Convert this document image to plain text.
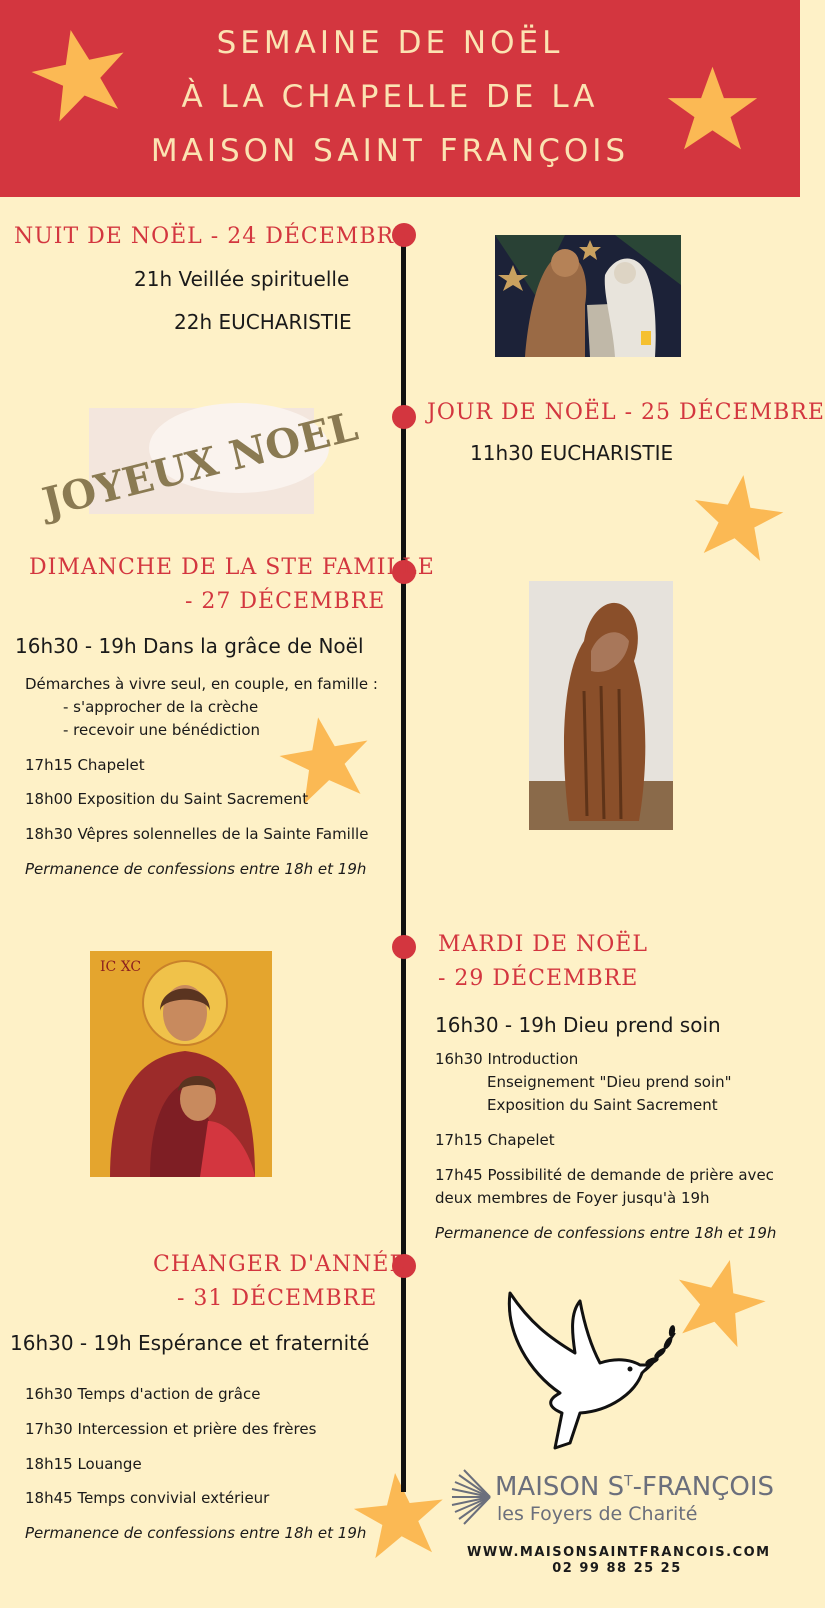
SEMAINE DE NOËL
À LA CHAPELLE DE LA
MAISON SAINT FRANÇOIS
NUIT DE NOËL - 24 DÉCEMBRE
21h Veillée spirituelle
22h EUCHARISTIE
JOUR DE NOËL - 25 DÉCEMBRE
11h30 EUCHARISTIE
JOYEUX NOEL
DIMANCHE DE LA STE FAMILLE
- 27 DÉCEMBRE
16h30 - 19h Dans la grâce de Noël
Démarches à vivre seul, en couple, en famille :
- s'approcher de la crèche
- recevoir une bénédiction
17h15 Chapelet
18h00 Exposition du Saint Sacrement
18h30 Vêpres solennelles de la Sainte Famille
Permanence de confessions entre 18h et 19h
MARDI DE NOËL
- 29 DÉCEMBRE
16h30 - 19h Dieu prend soin
16h30 Introduction
Enseignement "Dieu prend soin"
Exposition du Saint Sacrement
17h15 Chapelet
17h45 Possibilité de demande de prière avec
deux membres de Foyer jusqu'à 19h
Permanence de confessions entre 18h et 19h
IC XC
CHANGER D'ANNÉE
- 31 DÉCEMBRE
16h30 - 19h Espérance et fraternité
16h30 Temps d'action de grâce
17h30 Intercession et prière des frères
18h15 Louange
18h45 Temps convivial extérieur
Permanence de confessions entre 18h et 19h
MAISON $S^T$-FRANÇOIS
les Foyers de Charité
WWW.MAISONSAINTFRANCOIS.COM
02 99 88 25 25
